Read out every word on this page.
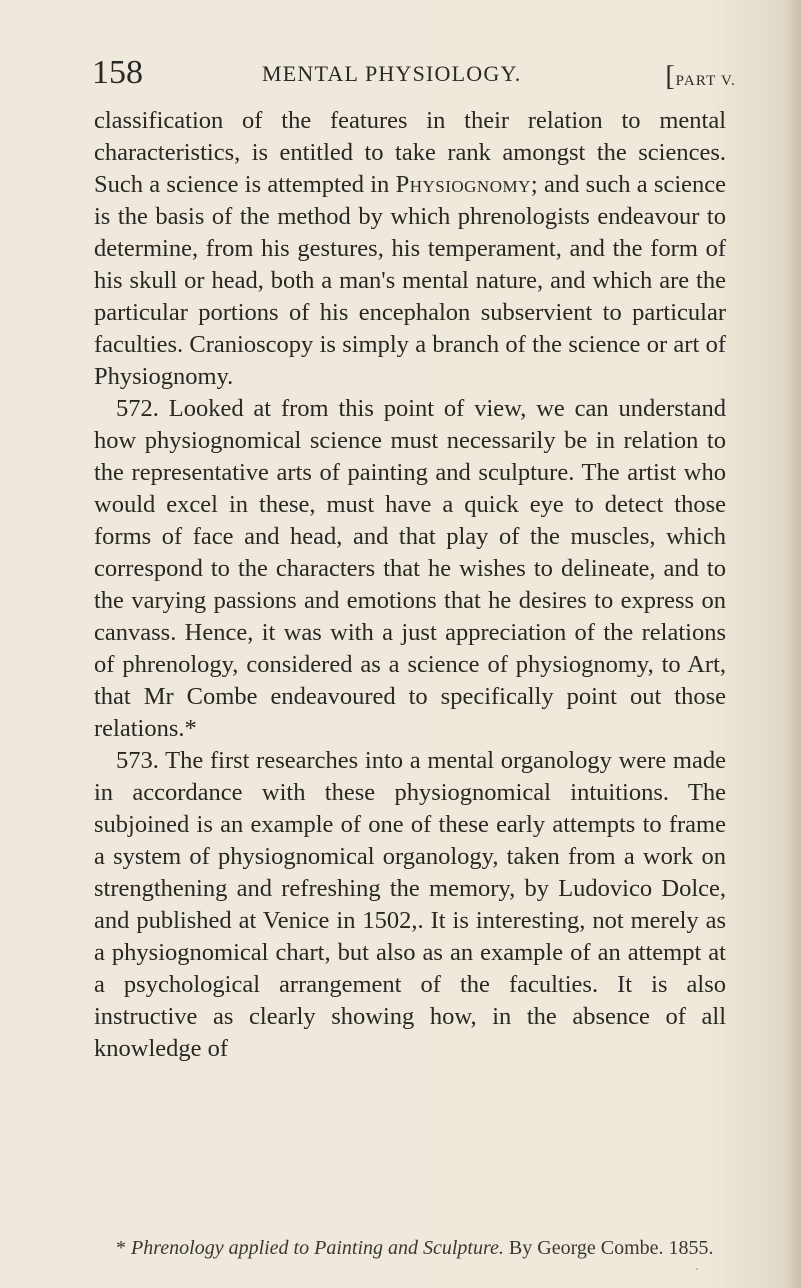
158	MENTAL PHYSIOLOGY.	[PART V.

classification of the features in their relation to mental characteristics, is entitled to take rank amongst the sciences. Such a science is attempted in Physiognomy; and such a science is the basis of the method by which phrenologists endeavour to determine, from his gestures, his temperament, and the form of his skull or head, both a man's mental nature, and which are the particular portions of his encephalon subservient to particular faculties. Cranioscopy is simply a branch of the science or art of Physiognomy.

572. Looked at from this point of view, we can understand how physiognomical science must necessarily be in relation to the representative arts of painting and sculpture. The artist who would excel in these, must have a quick eye to detect those forms of face and head, and that play of the muscles, which correspond to the characters that he wishes to delineate, and to the varying passions and emotions that he desires to express on canvass. Hence, it was with a just appreciation of the relations of phrenology, considered as a science of physiognomy, to Art, that Mr Combe endeavoured to specifically point out those relations.*

573. The first researches into a mental organology were made in accordance with these physiognomical intuitions. The subjoined is an example of one of these early attempts to frame a system of physiognomical organology, taken from a work on strengthening and refreshing the memory, by Ludovico Dolce, and published at Venice in 1502,. It is interesting, not merely as a physiognomical chart, but also as an example of an attempt at a psychological arrangement of the faculties. It is also instructive as clearly showing how, in the absence of all knowledge of

* Phrenology applied to Painting and Sculpture. By George Combe. 1855.
